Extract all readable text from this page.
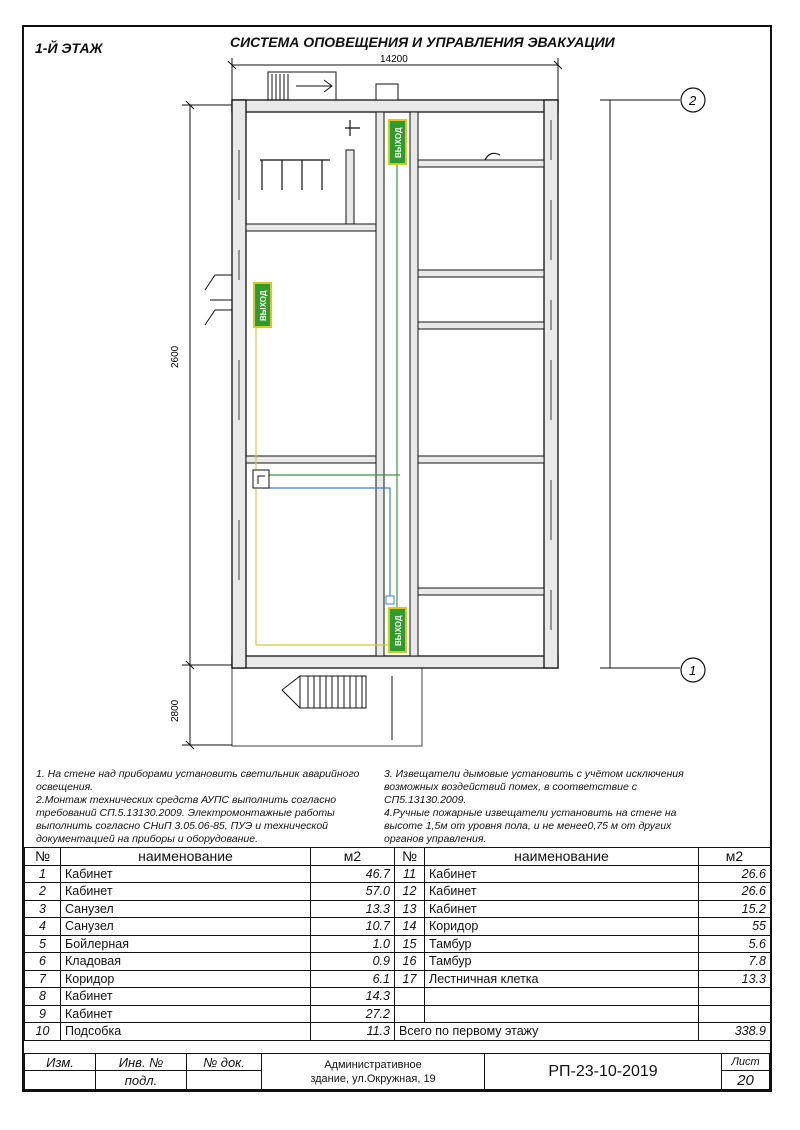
1-Й ЭТАЖ	СИСТЕМА ОПОВЕЩЕНИЯ И УПРАВЛЕНИЯ ЭВАКУАЦИИ
14200
2600
2800
2
1
ВЫХОД
ВЫХОД
ВЫХОД

1. На стене над приборами установить светильник аварийного освещения.

2.Монтаж технических средств АУПС выполнить согласно требований СП.5.13130.2009. Электромонтажные работы выполнить согласно СНиП 3.05.06-85, ПУЭ и технической документацией на приборы и оборудование.

3. Извещатели дымовые установить с учётом исключения возможных воздействий помех, в соответствие с СП5.13130.2009.

4.Ручные пожарные извещатели установить на стене на высоте 1,5м от уровня пола, и не менее0,75 м от других органов управления.

№	наименование	м2	№	наименование	м2
1	Кабинет	46.7	11	Кабинет	26.6
2	Кабинет	57.0	12	Кабинет	26.6
3	Санузел	13.3	13	Кабинет	15.2
4	Санузел	10.7	14	Коридор	55
5	Бойлерная	1.0	15	Тамбур	5.6
6	Кладовая	0.9	16	Тамбур	7.8
7	Коридор	6.1	17	Лестничная клетка	13.3
8	Кабинет	14.3			
9	Кабинет	27.2			
10	Подсобка	11.3	Всего по первому этажу		338.9
Изм.	Инв. №
подл.
№ док.	Административное
здание, ул.Окружная, 19	РП-23-10-2019
Лист
20
